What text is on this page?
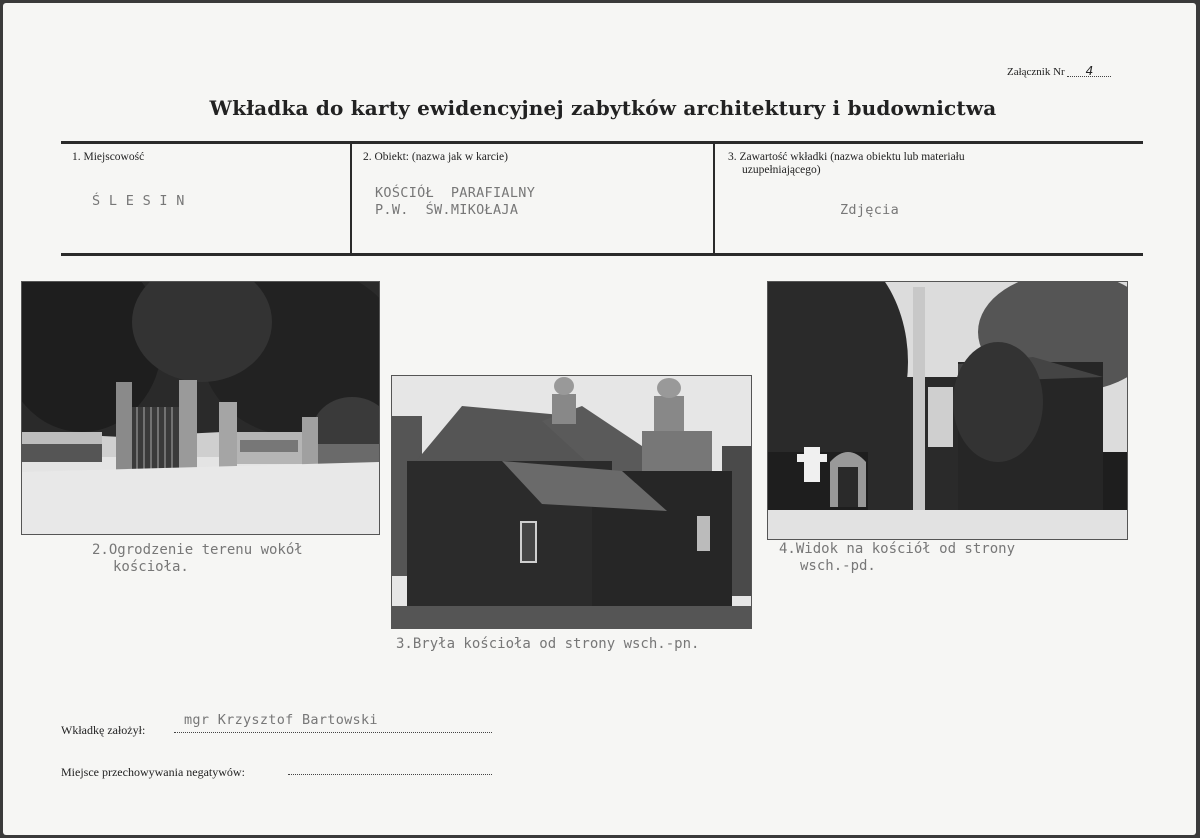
Załącznik Nr 4
Wkładka do karty ewidencyjnej zabytków architektury i budownictwa
1. Miejscowość
Ś L E S I N
2. Obiekt: (nazwa jak w karcie)
KOŚCIÓŁ  PARAFIALNY
P.W.  ŚW.MIKOŁAJA
3. Zawartość wkładki (nazwa obiektu lub materiału
uzupełniającego)
Zdjęcia
2.Ogrodzenie terenu wokół
kościoła.
3.Bryła kościoła od strony wsch.-pn.
4.Widok na kościół od strony
wsch.-pd.
Wkładkę założył:
mgr Krzysztof Bartowski
Miejsce przechowywania negatywów:
